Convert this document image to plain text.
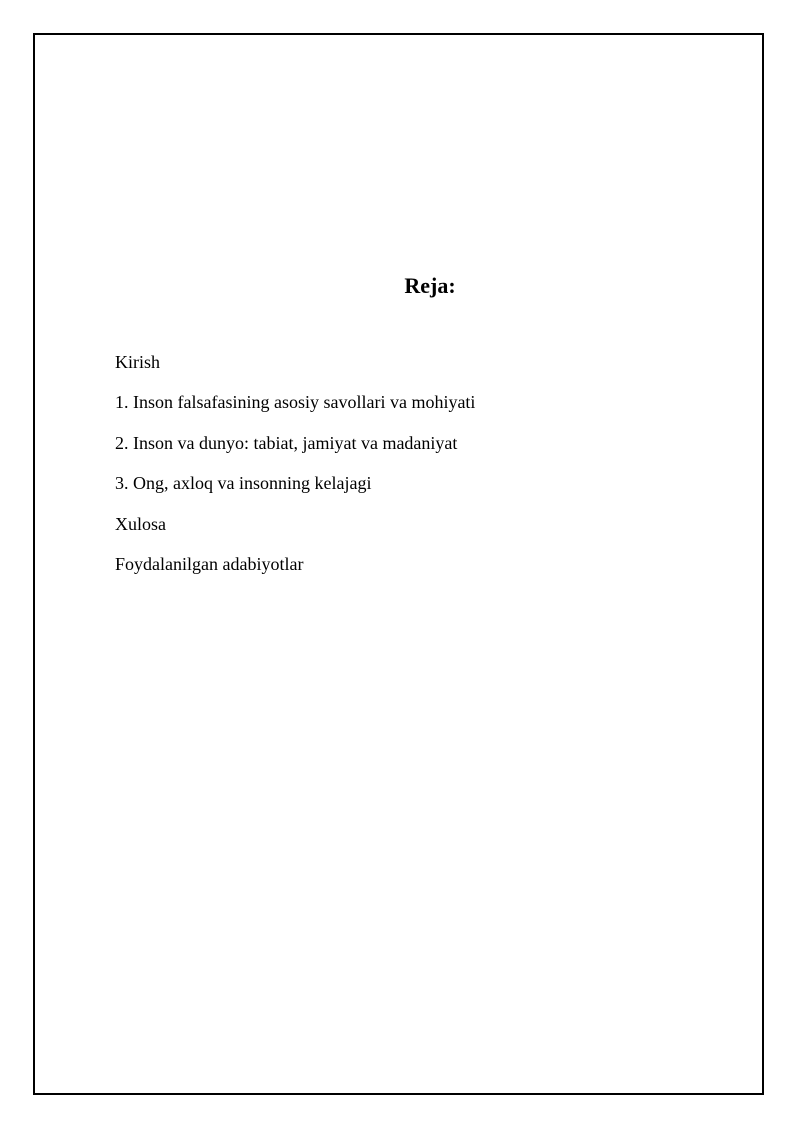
Reja:
Kirish
1. Inson falsafasining asosiy savollari va mohiyati
2. Inson va dunyo: tabiat, jamiyat va madaniyat
3. Ong, axloq va insonning kelajagi
Xulosa
Foydalanilgan adabiyotlar
